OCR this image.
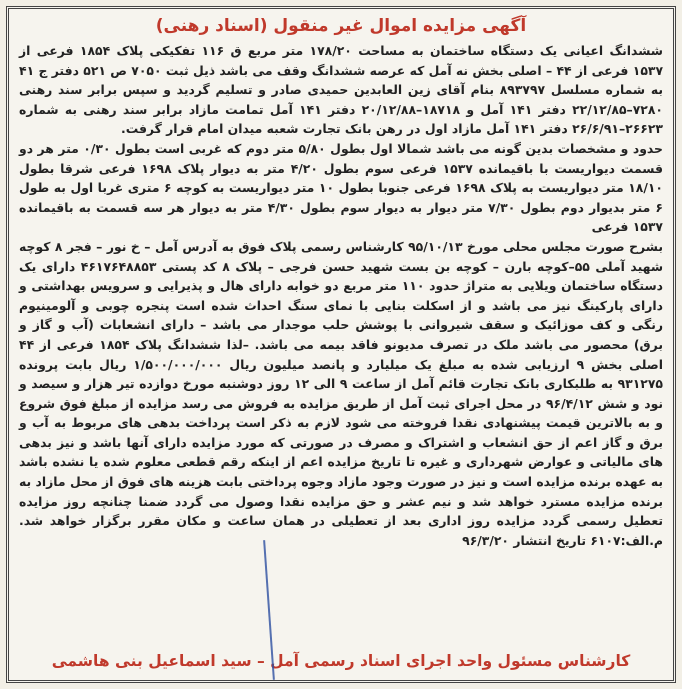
آگهی مزایده اموال غیر منقول (اسناد رهنی)

ششدانگ اعیانی یک دستگاه ساختمان به مساحت ۱۷۸/۲۰ متر مربع ق ۱۱۶ تفکیکی پلاک ۱۸۵۴ فرعی از ۱۵۳۷ فرعی از ۴۴ – اصلی بخش نه آمل که عرصه ششدانگ وقف می باشد ذیل ثبت ۷۰۵۰ ص ۵۲۱ دفتر ج ۴۱ به شماره مسلسل ۸۹۳۷۹۷ بنام آقای زین العابدین حمیدی صادر و تسلیم گردید و سپس برابر سند رهنی ۷۲۸۰–۲۲/۱۲/۸۵ دفتر ۱۴۱ آمل و ۱۸۷۱۸–۲۰/۱۲/۸۸ دفتر ۱۴۱ آمل تمامت مازاد برابر سند رهنی به شماره ۲۶۶۲۳–۲۶/۶/۹۱ دفتر ۱۴۱ آمل مازاد اول در رهن بانک تجارت شعبه میدان امام قرار گرفت.

حدود و مشخصات بدین گونه می باشد شمالا اول بطول ۵/۸۰ متر دوم که غربی است بطول ۰/۳۰ متر هر دو قسمت دیواریست با باقیمانده ۱۵۳۷ فرعی سوم بطول ۴/۲۰ متر به دیوار پلاک ۱۶۹۸ فرعی شرقا بطول ۱۸/۱۰ متر دیواریست به پلاک ۱۶۹۸ فرعی جنوبا بطول ۱۰ متر دیواریست به کوچه ۶ متری غربا اول به طول ۶ متر بدیوار دوم بطول ۷/۳۰ متر دیوار به دیوار سوم بطول ۴/۳۰ متر به دیوار هر سه قسمت به باقیمانده ۱۵۳۷ فرعی

بشرح صورت مجلس محلی مورخ ۹۵/۱۰/۱۳ کارشناس رسمی پلاک فوق به آدرس آمل – خ نور – فجر ۸ کوچه شهید آملی ۵۵–کوچه بارن – کوچه بن بست شهید حسن فرجی – پلاک ۸ کد پستی ۴۶۱۷۶۴۸۸۵۳ دارای یک دستگاه ساختمان ویلایی به متراژ حدود ۱۱۰ متر مربع دو خوابه دارای هال و پذیرایی و سرویس بهداشتی و دارای پارکینگ نیز می باشد و از اسکلت بنایی با نمای سنگ احداث شده است پنجره چوبی و آلومینیوم رنگی و کف موزائیک و سقف شیروانی با پوشش حلب موجدار می باشد – دارای انشعابات (آب و گاز و برق) محصور می باشد ملک در تصرف مدیونو فاقد بیمه می باشد. –لذا ششدانگ پلاک ۱۸۵۴ فرعی از ۴۴ اصلی بخش ۹ ارزیابی شده به مبلغ یک میلیارد و پانصد میلیون ریال ۱/۵۰۰/۰۰۰/۰۰۰ ریال بابت پرونده ۹۳۱۲۷۵ به طلبکاری بانک تجارت قائم آمل از ساعت ۹ الی ۱۲ روز دوشنبه مورخ دوازده تیر هزار و سیصد و نود و شش ۹۶/۴/۱۲ در محل اجرای ثبت آمل از طریق مزایده به فروش می رسد مزایده از مبلغ فوق شروع و به بالاترین قیمت پیشنهادی نقدا فروخته می شود لازم به ذکر است پرداخت بدهی های مربوط به آب و برق و گاز اعم از حق انشعاب و اشتراک و مصرف در صورتی که مورد مزایده دارای آنها باشد و نیز بدهی های مالیاتی و عوارض شهرداری و غیره تا تاریخ مزایده اعم از اینکه رقم قطعی معلوم شده یا نشده باشد به عهده برنده مزایده است و نیز در صورت وجود مازاد وجوه پرداختی بابت هزینه های فوق از محل مازاد به برنده مزایده مسترد خواهد شد و نیم عشر و حق مزایده نقدا وصول می گردد ضمنا چنانچه روز مزایده تعطیل رسمی گردد مزایده روز اداری بعد از تعطیلی در همان ساعت و مکان مقرر برگزار خواهد شد. م.الف:۶۱۰۷ تاریخ انتشار ۹۶/۳/۲۰

کارشناس مسئول واحد اجرای اسناد رسمی آمل – سید اسماعیل بنی هاشمی
